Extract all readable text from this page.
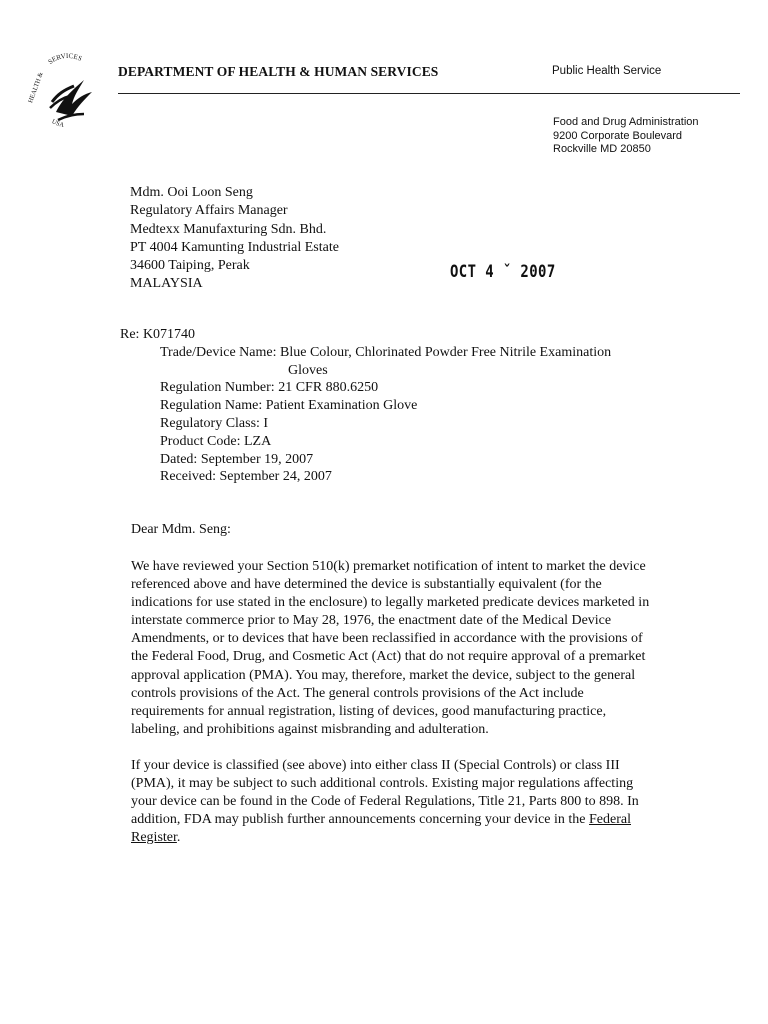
SERVICES
HEALTH &
USA
DEPARTMENT OF HEALTH & HUMAN SERVICES	Public Health Service
Food and Drug Administration
9200 Corporate Boulevard
Rockville MD 20850
Mdm. Ooi Loon Seng
Regulatory Affairs Manager
Medtexx Manufaxturing Sdn. Bhd.
PT 4004 Kamunting Industrial Estate
34600 Taiping, Perak
MALAYSIA
OCT 4 ˇ 2007
Re: K071740
Trade/Device Name: Blue Colour, Chlorinated Powder Free Nitrile Examination
Gloves
Regulation Number: 21 CFR 880.6250
Regulation Name: Patient Examination Glove
Regulatory Class: I
Product Code: LZA
Dated: September 19, 2007
Received: September 24, 2007
Dear Mdm. Seng:
We have reviewed your Section 510(k) premarket notification of intent to market the device
referenced above and have determined the device is substantially equivalent (for the
indications for use stated in the enclosure) to legally marketed predicate devices marketed in
interstate commerce prior to May 28, 1976, the enactment date of the Medical Device
Amendments, or to devices that have been reclassified in accordance with the provisions of
the Federal Food, Drug, and Cosmetic Act (Act) that do not require approval of a premarket
approval application (PMA). You may, therefore, market the device, subject to the general
controls provisions of the Act. The general controls provisions of the Act include
requirements for annual registration, listing of devices, good manufacturing practice,
labeling, and prohibitions against misbranding and adulteration.
If your device is classified (see above) into either class II (Special Controls) or class III
(PMA), it may be subject to such additional controls. Existing major regulations affecting
your device can be found in the Code of Federal Regulations, Title 21, Parts 800 to 898. In
addition, FDA may publish further announcements concerning your device in the Federal
Register.
